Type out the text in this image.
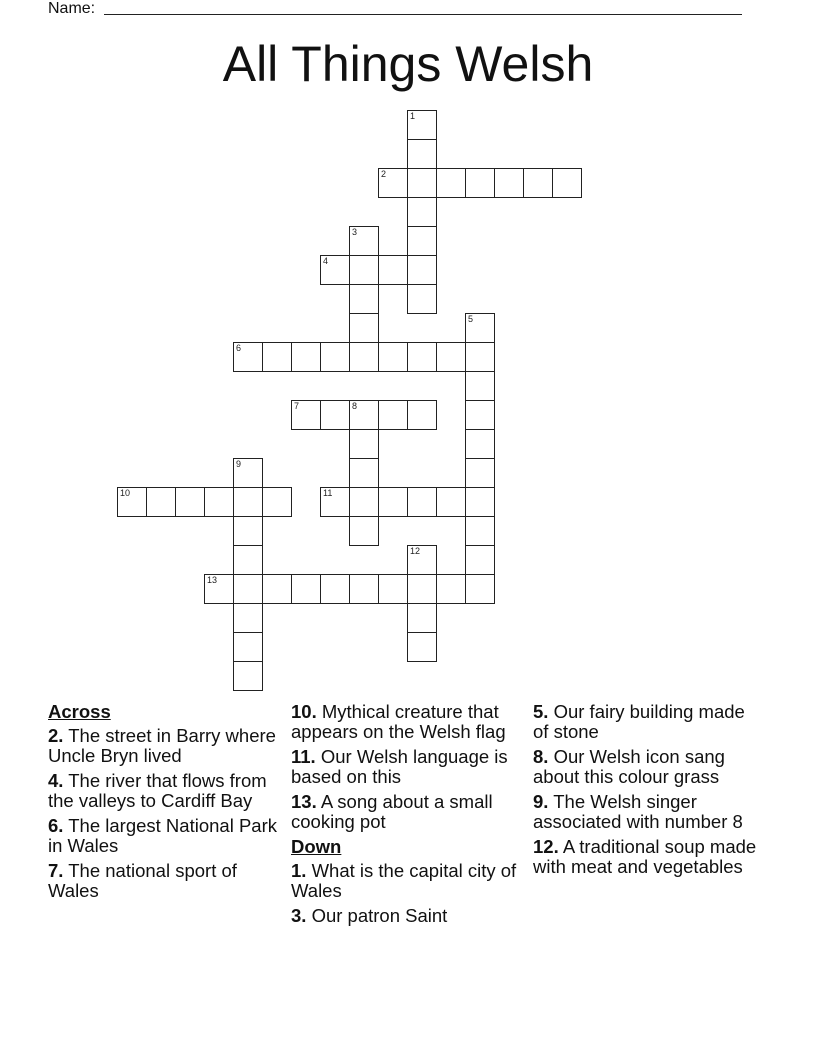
Name:
All Things Welsh
2
4
6
7	8
10	11
13
1
3
5
9
12
Across
2. The street in Barry where Uncle Bryn lived
4. The river that flows from the valleys to Cardiff Bay
6. The largest National Park in Wales
7. The national sport of Wales
10. Mythical creature that appears on the Welsh flag
11. Our Welsh language is based on this
13. A song about a small cooking pot
Down
1. What is the capital city of Wales
3. Our patron Saint
5. Our fairy building made of stone
8. Our Welsh icon sang about this colour grass
9. The Welsh singer associated with number 8
12. A traditional soup made with meat and vegetables
